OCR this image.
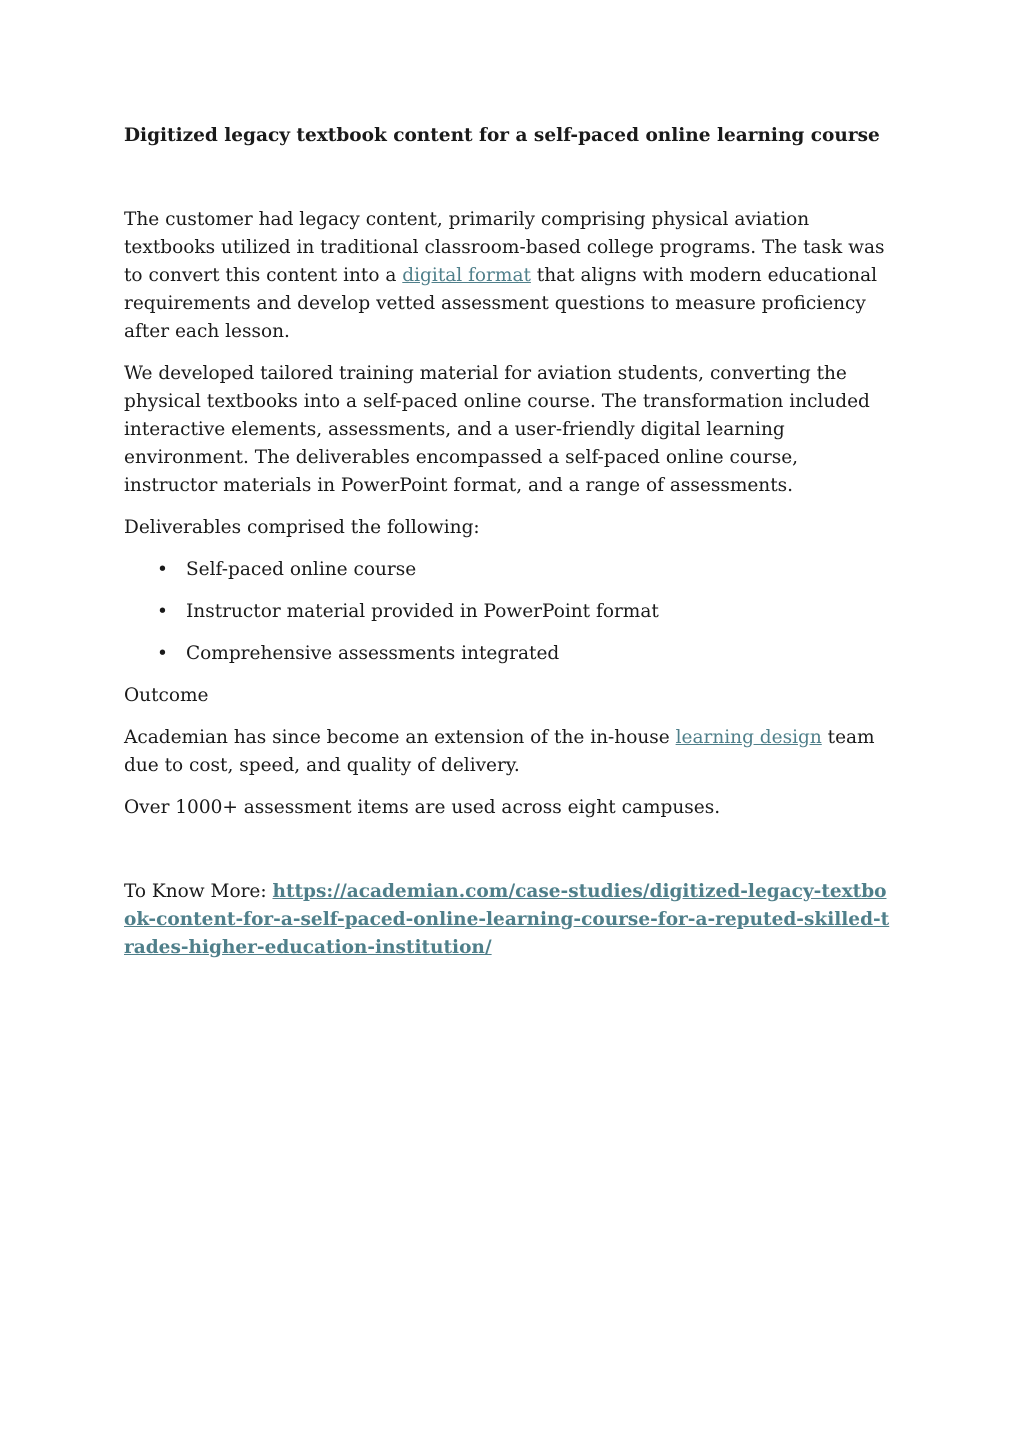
Digitized legacy textbook content for a self-paced online learning course

The customer had legacy content, primarily comprising physical aviation textbooks utilized in traditional classroom-based college programs. The task was to convert this content into a digital format that aligns with modern educational requirements and develop vetted assessment questions to measure proficiency after each lesson.

We developed tailored training material for aviation students, converting the physical textbooks into a self-paced online course. The transformation included interactive elements, assessments, and a user-friendly digital learning environment. The deliverables encompassed a self-paced online course, instructor materials in PowerPoint format, and a range of assessments.

Deliverables comprised the following:

• Self-paced online course
• Instructor material provided in PowerPoint format
• Comprehensive assessments integrated

Outcome

Academian has since become an extension of the in-house learning design team due to cost, speed, and quality of delivery.

Over 1000+ assessment items are used across eight campuses.

To Know More: https://academian.com/case-studies/digitized-legacy-textbook-content-for-a-self-paced-online-learning-course-for-a-reputed-skilled-trades-higher-education-institution/
